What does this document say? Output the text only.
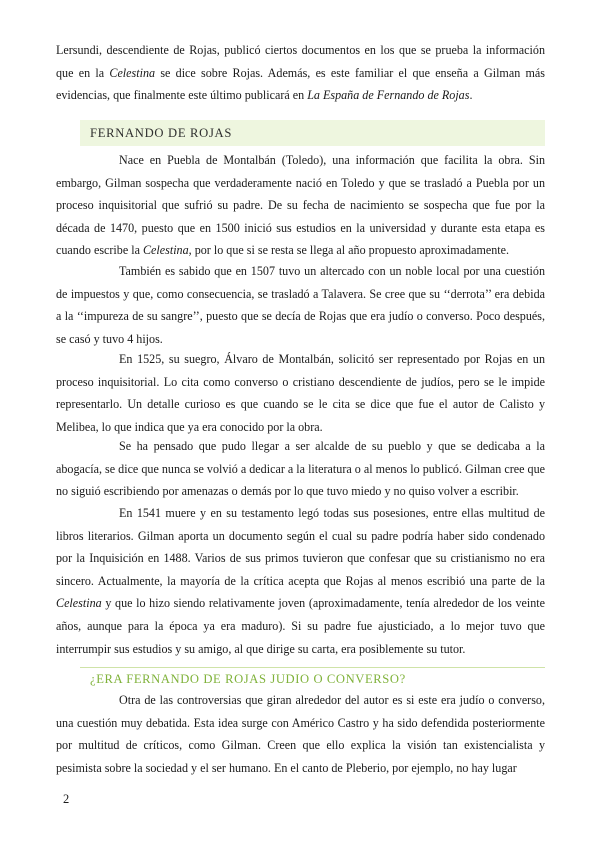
Lersundi, descendiente de Rojas, publicó ciertos documentos en los que se prueba la información que en la Celestina se dice sobre Rojas. Además, es este familiar el que enseña a Gilman más evidencias, que finalmente este último publicará en La España de Fernando de Rojas.

FERNANDO DE ROJAS

Nace en Puebla de Montalbán (Toledo), una información que facilita la obra. Sin embargo, Gilman sospecha que verdaderamente nació en Toledo y que se trasladó a Puebla por un proceso inquisitorial que sufrió su padre. De su fecha de nacimiento se sospecha que fue por la década de 1470, puesto que en 1500 inició sus estudios en la universidad y durante esta etapa es cuando escribe la Celestina, por lo que si se resta se llega al año propuesto aproximadamente.

También es sabido que en 1507 tuvo un altercado con un noble local por una cuestión de impuestos y que, como consecuencia, se trasladó a Talavera. Se cree que su ‘‘derrota’’ era debida a la ‘‘impureza de su sangre’’, puesto que se decía de Rojas que era judío o converso. Poco después, se casó y tuvo 4 hijos.

En 1525, su suegro, Álvaro de Montalbán, solicitó ser representado por Rojas en un proceso inquisitorial. Lo cita como converso o cristiano descendiente de judíos, pero se le impide representarlo. Un detalle curioso es que cuando se le cita se dice que fue el autor de Calisto y Melibea, lo que indica que ya era conocido por la obra.

Se ha pensado que pudo llegar a ser alcalde de su pueblo y que se dedicaba a la abogacía, se dice que nunca se volvió a dedicar a la literatura o al menos lo publicó. Gilman cree que no siguió escribiendo por amenazas o demás por lo que tuvo miedo y no quiso volver a escribir.

En 1541 muere y en su testamento legó todas sus posesiones, entre ellas multitud de libros literarios. Gilman aporta un documento según el cual su padre podría haber sido condenado por la Inquisición en 1488. Varios de sus primos tuvieron que confesar que su cristianismo no era sincero. Actualmente, la mayoría de la crítica acepta que Rojas al menos escribió una parte de la Celestina y que lo hizo siendo relativamente joven (aproximadamente, tenía alrededor de los veinte años, aunque para la época ya era maduro). Si su padre fue ajusticiado, a lo mejor tuvo que interrumpir sus estudios y su amigo, al que dirige su carta, era posiblemente su tutor.

¿ERA FERNANDO DE ROJAS JUDIO O CONVERSO?

Otra de las controversias que giran alrededor del autor es si este era judío o converso, una cuestión muy debatida. Esta idea surge con Américo Castro y ha sido defendida posteriormente por multitud de críticos, como Gilman. Creen que ello explica la visión tan existencialista y pesimista sobre la sociedad y el ser humano. En el canto de Pleberio, por ejemplo, no hay lugar

2
